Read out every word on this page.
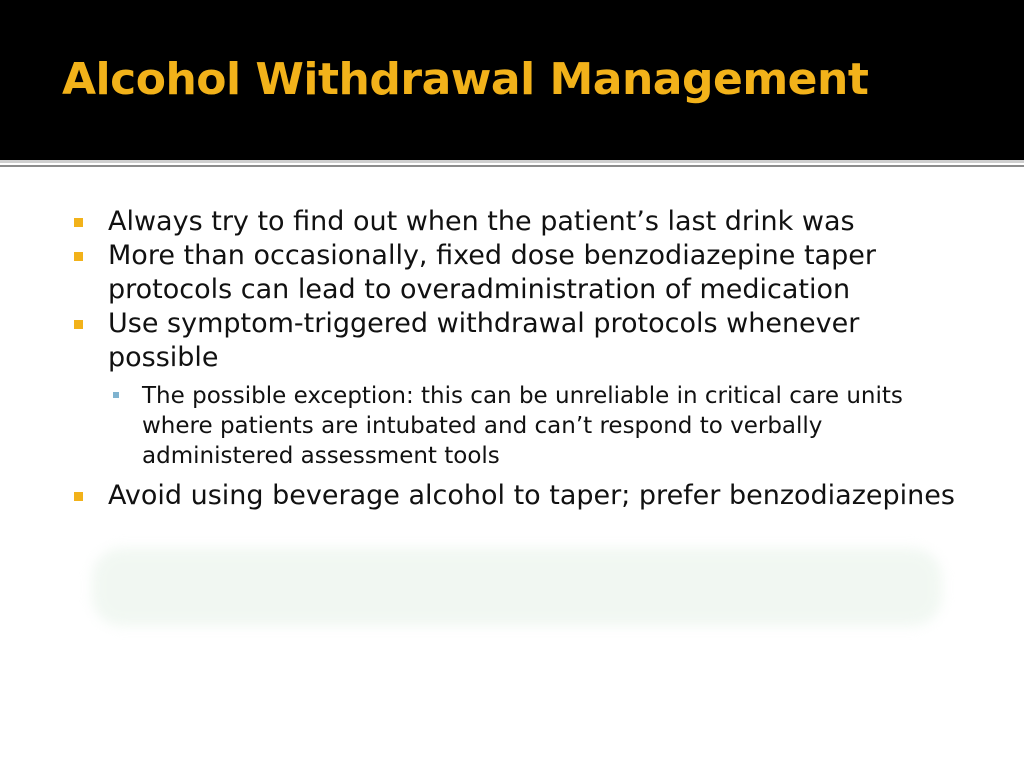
Alcohol Withdrawal Management
Always try to find out when the patient’s last drink was
More than occasionally, fixed dose benzodiazepine taper protocols can lead to overadministration of medication
Use symptom-triggered withdrawal protocols whenever possible
The possible exception: this can be unreliable in critical care units where patients are intubated and can’t respond to verbally administered assessment tools
Avoid using beverage alcohol to taper; prefer benzodiazepines
